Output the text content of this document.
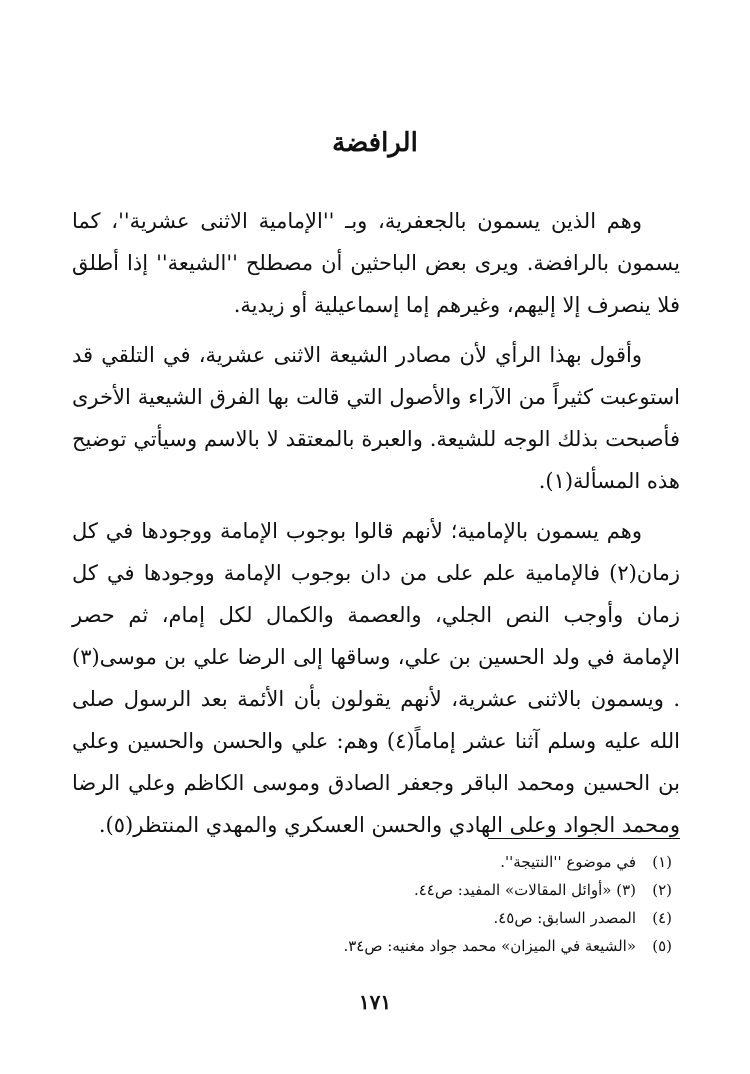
الرافضة

وهم الذين يسمون بالجعفرية، وبـ ''الإمامية الاثنى عشرية''، كما يسمون بالرافضة. ويرى بعض الباحثين أن مصطلح ''الشيعة'' إذا أطلق فلا ينصرف إلا إليهم، وغيرهم إما إسماعيلية أو زيدية.

وأقول بهذا الرأي لأن مصادر الشيعة الاثنى عشرية، في التلقي قد استوعبت كثيراً من الآراء والأصول التي قالت بها الفرق الشيعية الأخرى فأصبحت بذلك الوجه للشيعة. والعبرة بالمعتقد لا بالاسم وسيأتي توضيح هذه المسألة(١).

وهم يسمون بالإمامية؛ لأنهم قالوا بوجوب الإمامة ووجودها في كل زمان(٢) فالإمامية علم على من دان بوجوب الإمامة ووجودها في كل زمان وأوجب النص الجلي، والعصمة والكمال لكل إمام، ثم حصر الإمامة في ولد الحسين بن علي، وساقها إلى الرضا علي بن موسى(٣) . ويسمون بالاثنى عشرية، لأنهم يقولون بأن الأئمة بعد الرسول صلى الله عليه وسلم آثنا عشر إماماً(٤) وهم: علي والحسن والحسين وعلي بن الحسين ومحمد الباقر وجعفر الصادق وموسى الكاظم وعلي الرضا ومحمد الجواد وعلى الهادي والحسن العسكري والمهدي المنتظر(٥).

(١)
في موضوع ''النتيجة''.
(٢)
(٣) «أوائل المقالات» المفيد: ص٤٤.
(٤)
المصدر السابق: ص٤٥.
(٥)
«الشيعة في الميزان» محمد جواد مغنيه: ص٣٤.
١٧١
